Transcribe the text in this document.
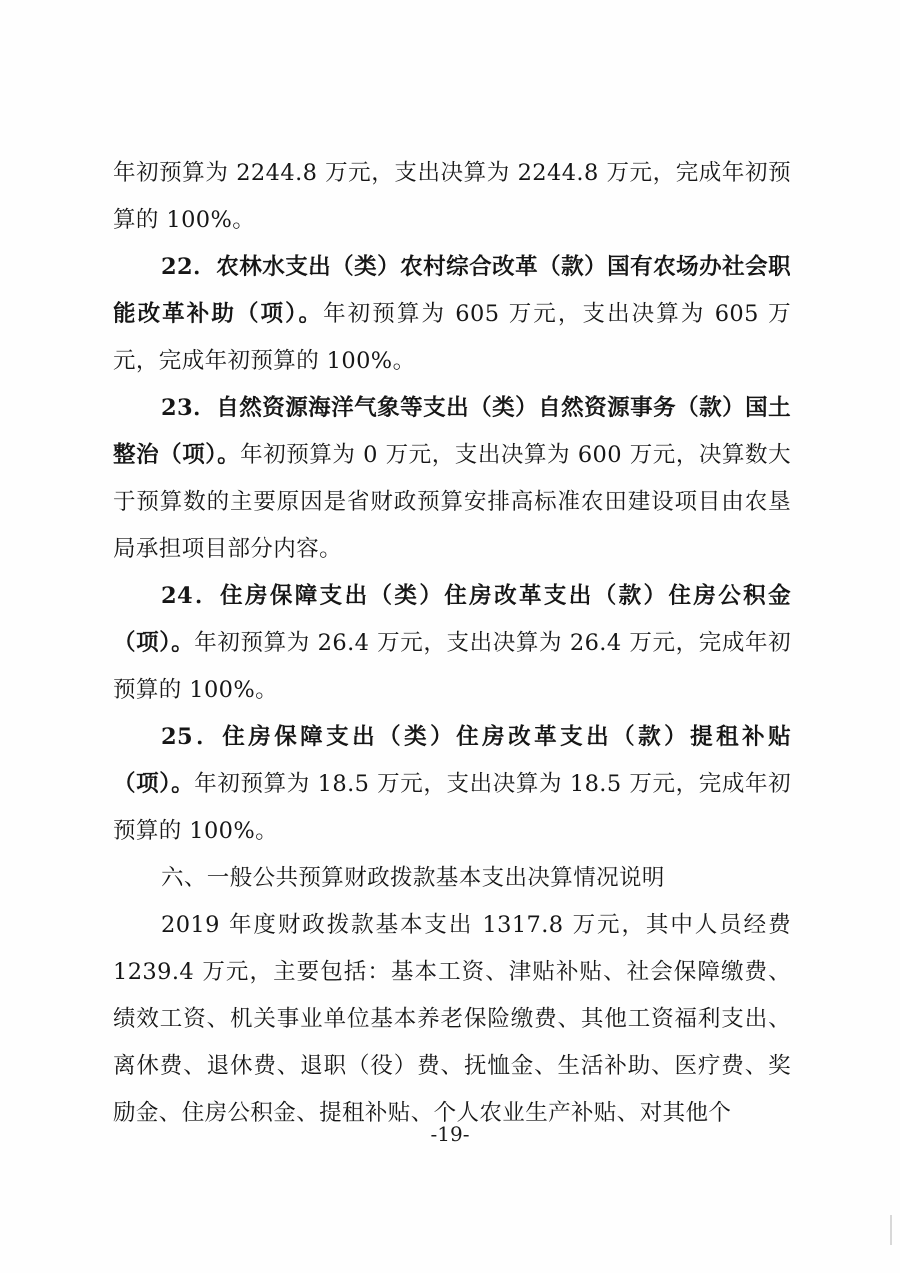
年初预算为 2244.8 万元，支出决算为 2244.8 万元，完成年初预算的 100%。

22．农林水支出（类）农村综合改革（款）国有农场办社会职能改革补助（项）。年初预算为 605 万元，支出决算为 605 万元，完成年初预算的 100%。

23．自然资源海洋气象等支出（类）自然资源事务（款）国土整治（项）。年初预算为 0 万元，支出决算为 600 万元，决算数大于预算数的主要原因是省财政预算安排高标准农田建设项目由农垦局承担项目部分内容。

24．住房保障支出（类）住房改革支出（款）住房公积金（项）。年初预算为 26.4 万元，支出决算为 26.4 万元，完成年初预算的 100%。

25．住房保障支出（类）住房改革支出（款）提租补贴（项）。年初预算为 18.5 万元，支出决算为 18.5 万元，完成年初预算的 100%。

六、一般公共预算财政拨款基本支出决算情况说明

2019 年度财政拨款基本支出 1317.8 万元，其中人员经费 1239.4 万元，主要包括：基本工资、津贴补贴、社会保障缴费、绩效工资、机关事业单位基本养老保险缴费、其他工资福利支出、离休费、退休费、退职（役）费、抚恤金、生活补助、医疗费、奖励金、住房公积金、提租补贴、个人农业生产补贴、对其他个

-19-
